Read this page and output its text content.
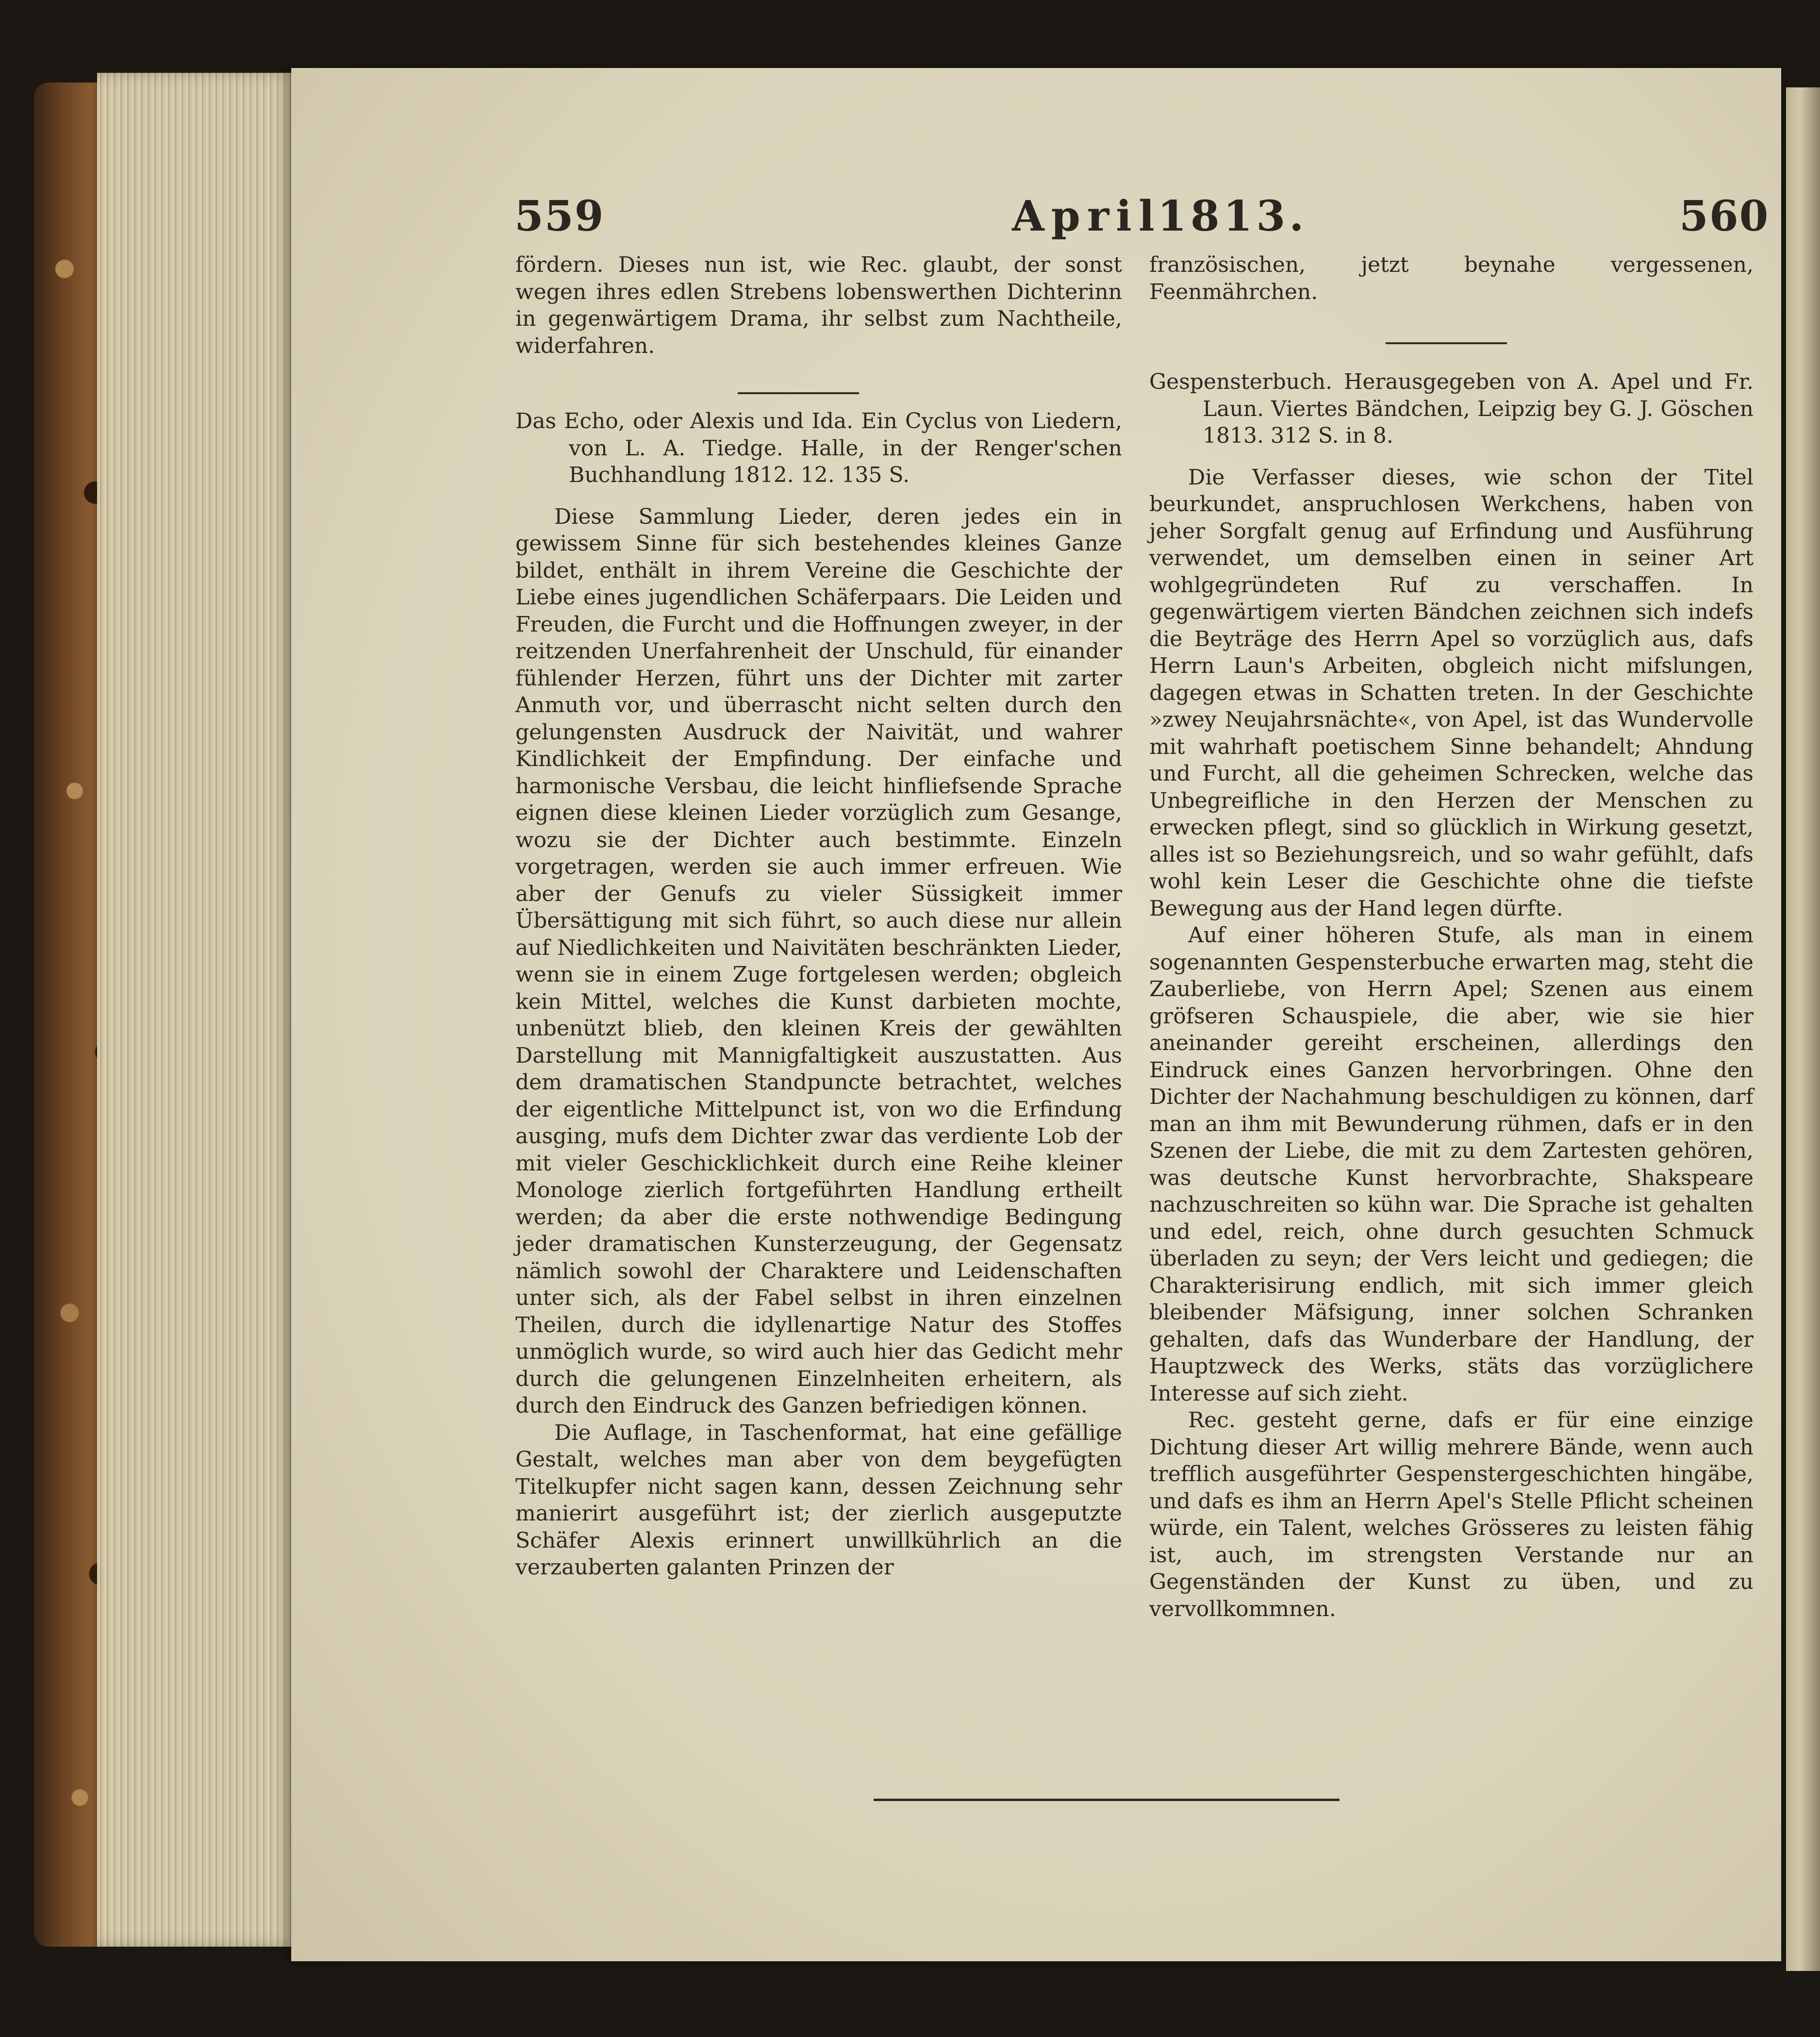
559	April
1813.	560

fördern. Dieses nun ist, wie Rec. glaubt, der sonst wegen ihres edlen Strebens lobenswerthen Dichterinn in gegenwärtigem Drama, ihr selbst zum Nachtheile, widerfahren.

Das Echo, oder Alexis und Ida. Ein Cyclus von Liedern, von L. A. Tiedge. Halle, in der Renger'schen Buchhandlung 1812. 12. 135 S.

Diese Sammlung Lieder, deren jedes ein in gewissem Sinne für sich bestehendes kleines Ganze bildet, enthält in ihrem Vereine die Geschichte der Liebe eines jugendlichen Schäferpaars. Die Leiden und Freuden, die Furcht und die Hoffnungen zweyer, in der reitzenden Unerfahrenheit der Unschuld, für einander fühlender Herzen, führt uns der Dichter mit zarter Anmuth vor, und überrascht nicht selten durch den gelungensten Ausdruck der Naivität, und wahrer Kindlichkeit der Empfindung. Der einfache und harmonische Versbau, die leicht hinfliefsende Sprache eignen diese kleinen Lieder vorzüglich zum Gesange, wozu sie der Dichter auch bestimmte. Einzeln vorgetragen, werden sie auch immer erfreuen. Wie aber der Genufs zu vieler Süssigkeit immer Übersättigung mit sich führt, so auch diese nur allein auf Niedlichkeiten und Naivitäten beschränkten Lieder, wenn sie in einem Zuge fortgelesen werden; obgleich kein Mittel, welches die Kunst darbieten mochte, unbenützt blieb, den kleinen Kreis der gewählten Darstellung mit Mannigfaltigkeit auszustatten. Aus dem dramatischen Standpuncte betrachtet, welches der eigentliche Mittelpunct ist, von wo die Erfindung ausging, mufs dem Dichter zwar das verdiente Lob der mit vieler Geschicklichkeit durch eine Reihe kleiner Monologe zierlich fortgeführten Handlung ertheilt werden; da aber die erste nothwendige Bedingung jeder dramatischen Kunsterzeugung, der Gegensatz nämlich sowohl der Charaktere und Leidenschaften unter sich, als der Fabel selbst in ihren einzelnen Theilen, durch die idyllenartige Natur des Stoffes unmöglich wurde, so wird auch hier das Gedicht mehr durch die gelungenen Einzelnheiten erheitern, als durch den Eindruck des Ganzen befriedigen können.

Die Auflage, in Taschenformat, hat eine gefällige Gestalt, welches man aber von dem beygefügten Titelkupfer nicht sagen kann, dessen Zeichnung sehr manierirt ausgeführt ist; der zierlich ausgeputzte Schäfer Alexis erinnert unwillkührlich an die verzauberten galanten Prinzen der

französischen, jetzt beynahe vergessenen, Feenmährchen.

Gespensterbuch. Herausgegeben von A. Apel und Fr. Laun. Viertes Bändchen, Leipzig bey G. J. Göschen 1813. 312 S. in 8.

Die Verfasser dieses, wie schon der Titel beurkundet, anspruchlosen Werkchens, haben von jeher Sorgfalt genug auf Erfindung und Ausführung verwendet, um demselben einen in seiner Art wohlgegründeten Ruf zu verschaffen. In gegenwärtigem vierten Bändchen zeichnen sich indefs die Beyträge des Herrn Apel so vorzüglich aus, dafs Herrn Laun's Arbeiten, obgleich nicht mifslungen, dagegen etwas in Schatten treten. In der Geschichte »zwey Neujahrsnächte«, von Apel, ist das Wundervolle mit wahrhaft poetischem Sinne behandelt; Ahndung und Furcht, all die geheimen Schrecken, welche das Unbegreifliche in den Herzen der Menschen zu erwecken pflegt, sind so glücklich in Wirkung gesetzt, alles ist so Beziehungsreich, und so wahr gefühlt, dafs wohl kein Leser die Geschichte ohne die tiefste Bewegung aus der Hand legen dürfte.

Auf einer höheren Stufe, als man in einem sogenannten Gespensterbuche erwarten mag, steht die Zauberliebe, von Herrn Apel; Szenen aus einem gröfseren Schauspiele, die aber, wie sie hier aneinander gereiht erscheinen, allerdings den Eindruck eines Ganzen hervorbringen. Ohne den Dichter der Nachahmung beschuldigen zu können, darf man an ihm mit Bewunderung rühmen, dafs er in den Szenen der Liebe, die mit zu dem Zartesten gehören, was deutsche Kunst hervorbrachte, Shakspeare nachzuschreiten so kühn war. Die Sprache ist gehalten und edel, reich, ohne durch gesuchten Schmuck überladen zu seyn; der Vers leicht und gediegen; die Charakterisirung endlich, mit sich immer gleich bleibender Mäfsigung, inner solchen Schranken gehalten, dafs das Wunderbare der Handlung, der Hauptzweck des Werks, stäts das vorzüglichere Interesse auf sich zieht.

Rec. gesteht gerne, dafs er für eine einzige Dichtung dieser Art willig mehrere Bände, wenn auch trefflich ausgeführter Gespenstergeschichten hingäbe, und dafs es ihm an Herrn Apel's Stelle Pflicht scheinen würde, ein Talent, welches Grösseres zu leisten fähig ist, auch, im strengsten Verstande nur an Gegenständen der Kunst zu üben, und zu vervollkommnen.
